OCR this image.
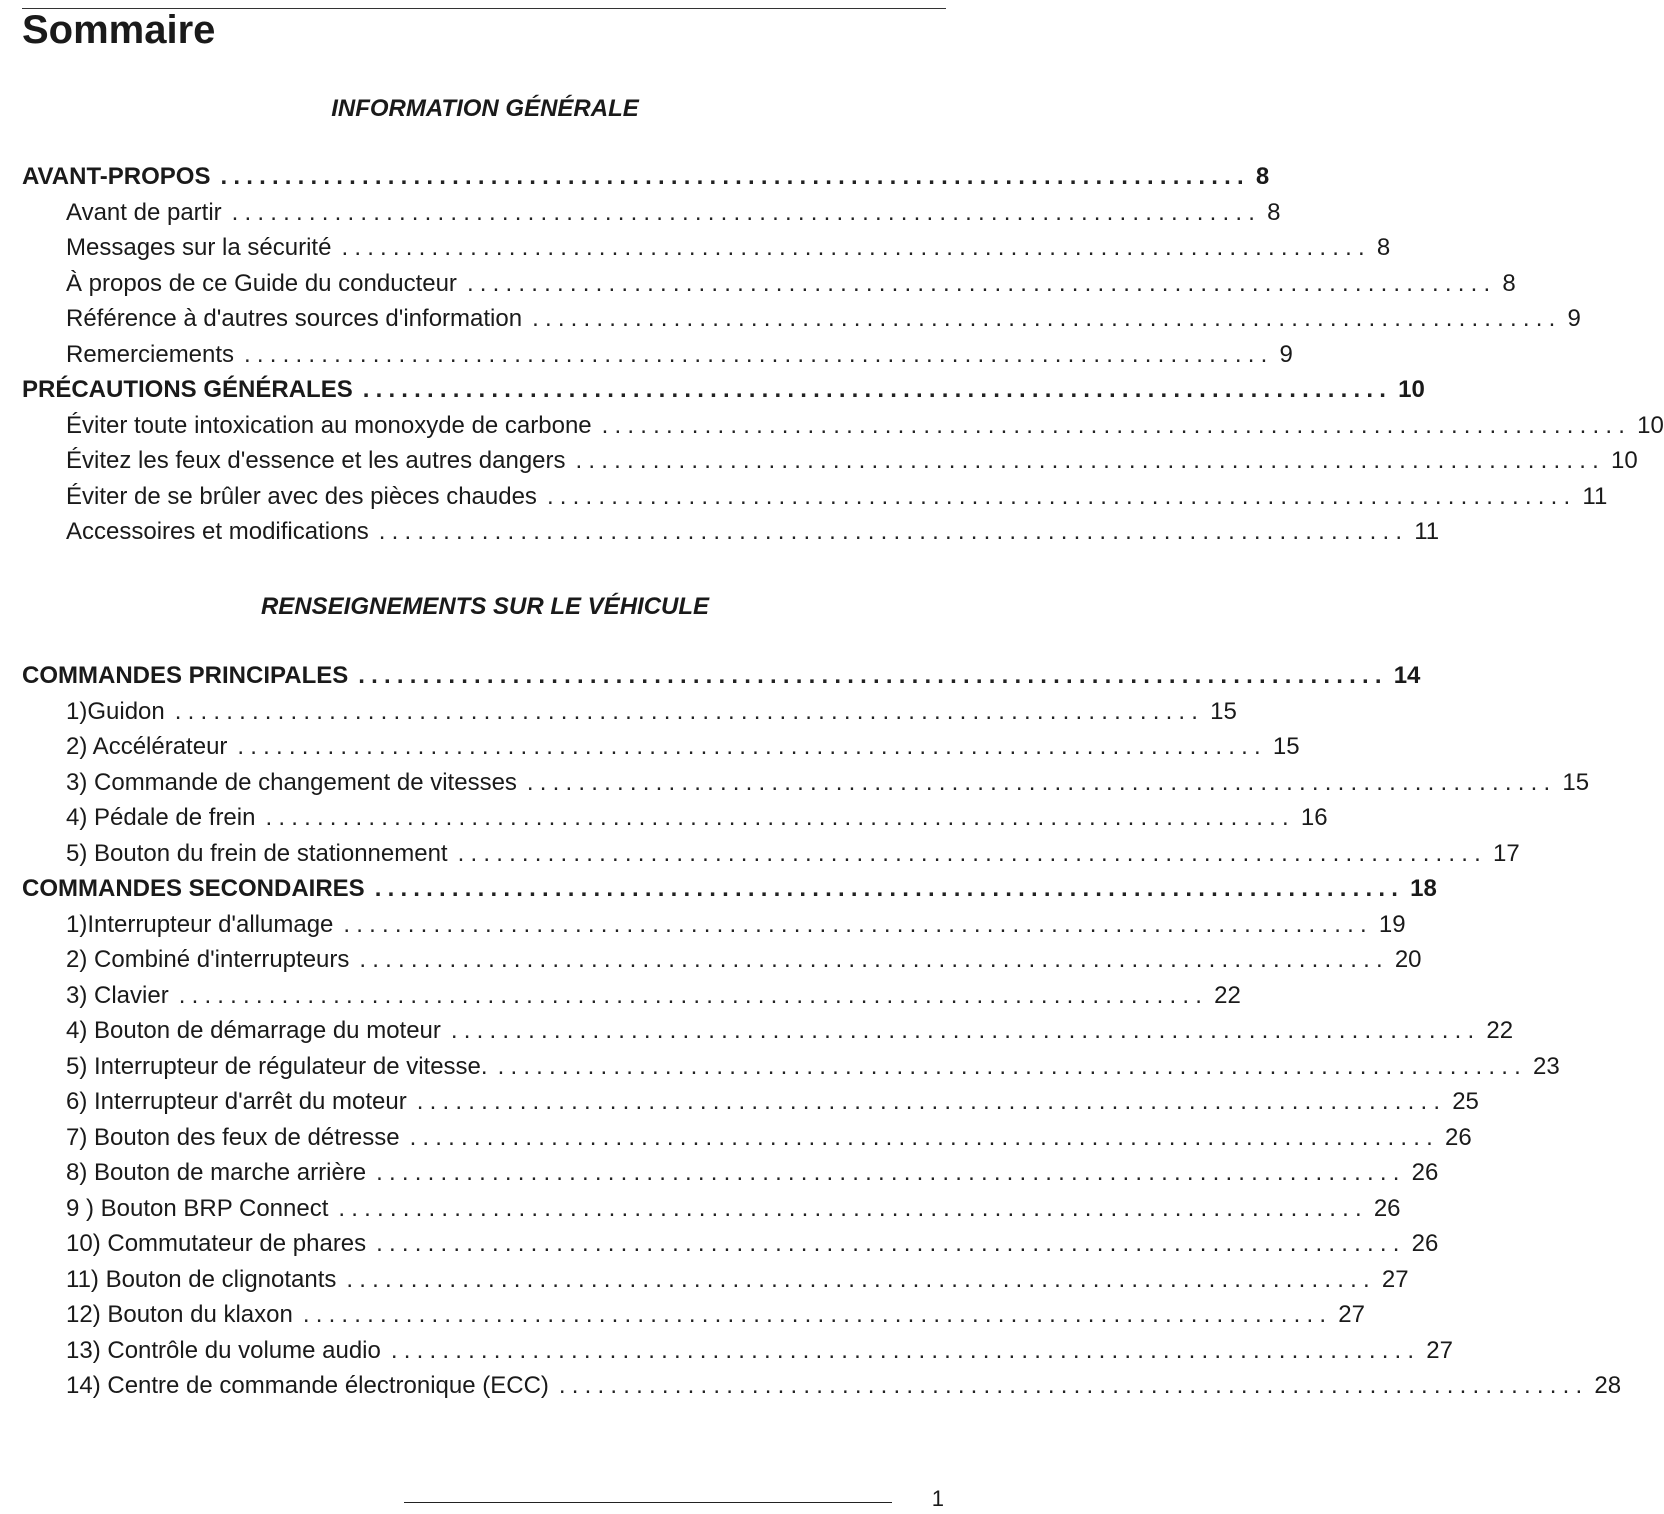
Sommaire
INFORMATION GÉNÉRALE
AVANT-PROPOS ................................................................................ 8
Avant de partir ................................................................................ 8
Messages sur la sécurité ................................................................................ 8
À propos de ce Guide du conducteur ................................................................................ 8
Référence à d'autres sources d'information ................................................................................ 9
Remerciements ................................................................................ 9
PRÉCAUTIONS GÉNÉRALES ................................................................................ 10
Éviter toute intoxication au monoxyde de carbone ................................................................................ 10
Évitez les feux d'essence et les autres dangers ................................................................................ 10
Éviter de se brûler avec des pièces chaudes ................................................................................ 11
Accessoires et modifications ................................................................................ 11
RENSEIGNEMENTS SUR LE VÉHICULE
COMMANDES PRINCIPALES ................................................................................ 14
1)Guidon ................................................................................ 15
2) Accélérateur ................................................................................ 15
3) Commande de changement de vitesses ................................................................................ 15
4) Pédale de frein ................................................................................ 16
5) Bouton du frein de stationnement ................................................................................ 17
COMMANDES SECONDAIRES ................................................................................ 18
1)Interrupteur d'allumage ................................................................................ 19
2) Combiné d'interrupteurs ................................................................................ 20
3) Clavier ................................................................................ 22
4) Bouton de démarrage du moteur ................................................................................ 22
5) Interrupteur de régulateur de vitesse. ................................................................................ 23
6) Interrupteur d'arrêt du moteur ................................................................................ 25
7) Bouton des feux de détresse ................................................................................ 26
8) Bouton de marche arrière ................................................................................ 26
9 ) Bouton BRP Connect ................................................................................ 26
10) Commutateur de phares ................................................................................ 26
11) Bouton de clignotants ................................................................................ 27
12) Bouton du klaxon ................................................................................ 27
13) Contrôle du volume audio ................................................................................ 27
14) Centre de commande électronique (ECC) ................................................................................ 28
1
